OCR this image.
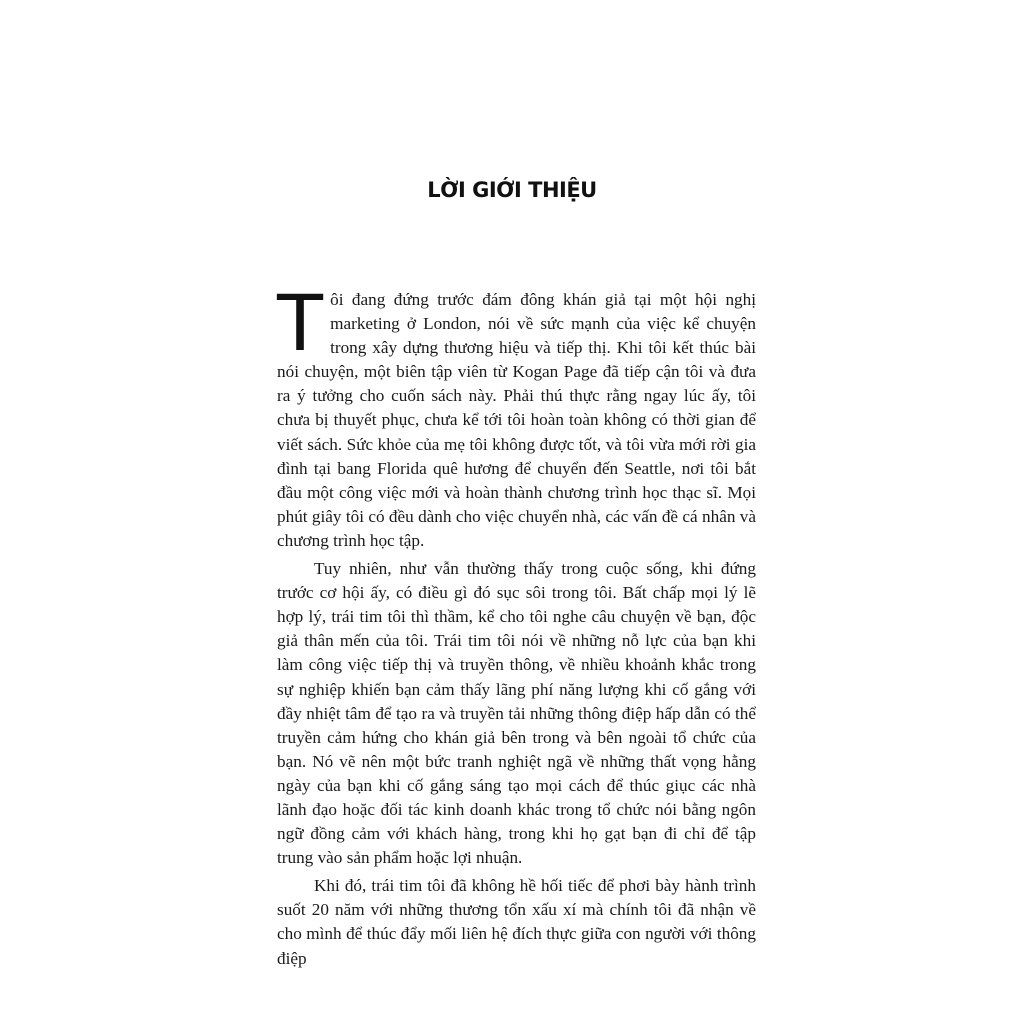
LỜI GIỚI THIỆU

Tôi đang đứng trước đám đông khán giả tại một hội nghị marketing ở London, nói về sức mạnh của việc kể chuyện trong xây dựng thương hiệu và tiếp thị. Khi tôi kết thúc bài nói chuyện, một biên tập viên từ Kogan Page đã tiếp cận tôi và đưa ra ý tưởng cho cuốn sách này. Phải thú thực rằng ngay lúc ấy, tôi chưa bị thuyết phục, chưa kể tới tôi hoàn toàn không có thời gian để viết sách. Sức khỏe của mẹ tôi không được tốt, và tôi vừa mới rời gia đình tại bang Florida quê hương để chuyển đến Seattle, nơi tôi bắt đầu một công việc mới và hoàn thành chương trình học thạc sĩ. Mọi phút giây tôi có đều dành cho việc chuyển nhà, các vấn đề cá nhân và chương trình học tập.

Tuy nhiên, như vẫn thường thấy trong cuộc sống, khi đứng trước cơ hội ấy, có điều gì đó sục sôi trong tôi. Bất chấp mọi lý lẽ hợp lý, trái tim tôi thì thầm, kể cho tôi nghe câu chuyện về bạn, độc giả thân mến của tôi. Trái tim tôi nói về những nỗ lực của bạn khi làm công việc tiếp thị và truyền thông, về nhiều khoảnh khắc trong sự nghiệp khiến bạn cảm thấy lãng phí năng lượng khi cố gắng với đầy nhiệt tâm để tạo ra và truyền tải những thông điệp hấp dẫn có thể truyền cảm hứng cho khán giả bên trong và bên ngoài tổ chức của bạn. Nó vẽ nên một bức tranh nghiệt ngã về những thất vọng hằng ngày của bạn khi cố gắng sáng tạo mọi cách để thúc giục các nhà lãnh đạo hoặc đối tác kinh doanh khác trong tổ chức nói bằng ngôn ngữ đồng cảm với khách hàng, trong khi họ gạt bạn đi chỉ để tập trung vào sản phẩm hoặc lợi nhuận.

Khi đó, trái tim tôi đã không hề hối tiếc để phơi bày hành trình suốt 20 năm với những thương tổn xấu xí mà chính tôi đã nhận về cho mình để thúc đẩy mối liên hệ đích thực giữa con người với thông điệp
